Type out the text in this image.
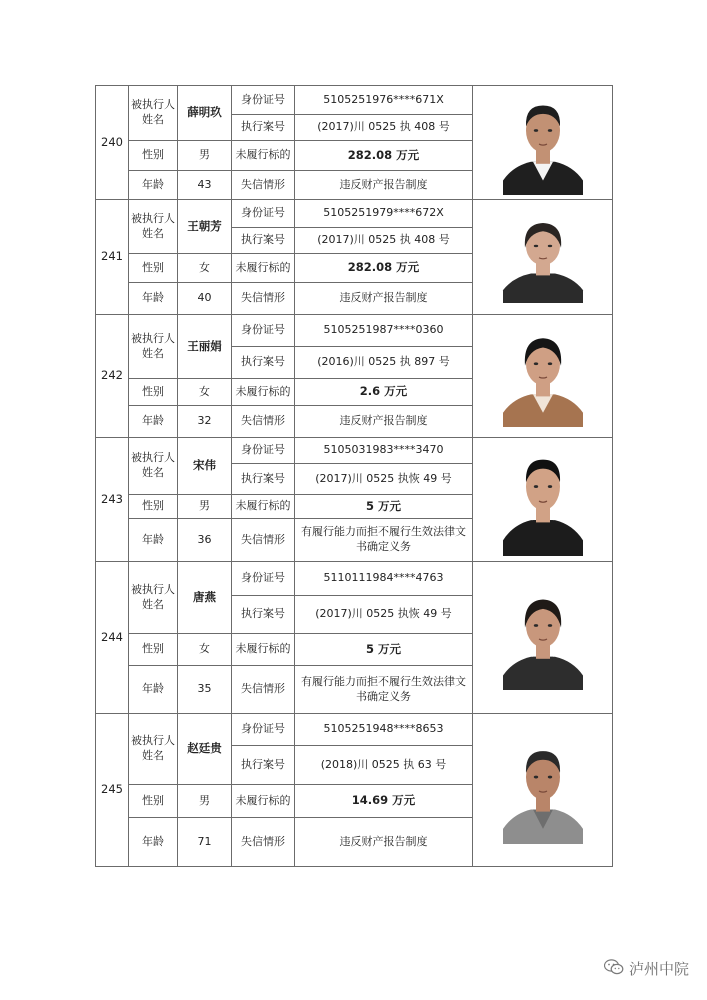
240	被执行人姓名	薛明玖	身份证号	5105251976****671X	

			执行案号	(2017)川 0525 执 408 号	
	性别	男	未履行标的	282.08 万元	
	年龄	43	失信情形	违反财产报告制度	
241	被执行人姓名	王朝芳	身份证号	5105251979****672X	

			执行案号	(2017)川 0525 执 408 号	
	性别	女	未履行标的	282.08 万元	
	年龄	40	失信情形	违反财产报告制度	
242	被执行人姓名	王丽娟	身份证号	5105251987****0360	

			执行案号	(2016)川 0525 执 897 号	
	性别	女	未履行标的	2.6 万元	
	年龄	32	失信情形	违反财产报告制度	
243	被执行人姓名	宋伟	身份证号	5105031983****3470	

			执行案号	(2017)川 0525 执恢 49 号	
	性别	男	未履行标的	5 万元	
	年龄	36	失信情形	有履行能力而拒不履行生效法律文书确定义务	
244	被执行人姓名	唐燕	身份证号	5110111984****4763	

			执行案号	(2017)川 0525 执恢 49 号	
	性别	女	未履行标的	5 万元	
	年龄	35	失信情形	有履行能力而拒不履行生效法律文书确定义务	
245	被执行人姓名	赵廷贵	身份证号	5105251948****8653	

			执行案号	(2018)川 0525 执 63 号	
	性别	男	未履行标的	14.69 万元	
	年龄	71	失信情形	违反财产报告制度	
泸州中院
